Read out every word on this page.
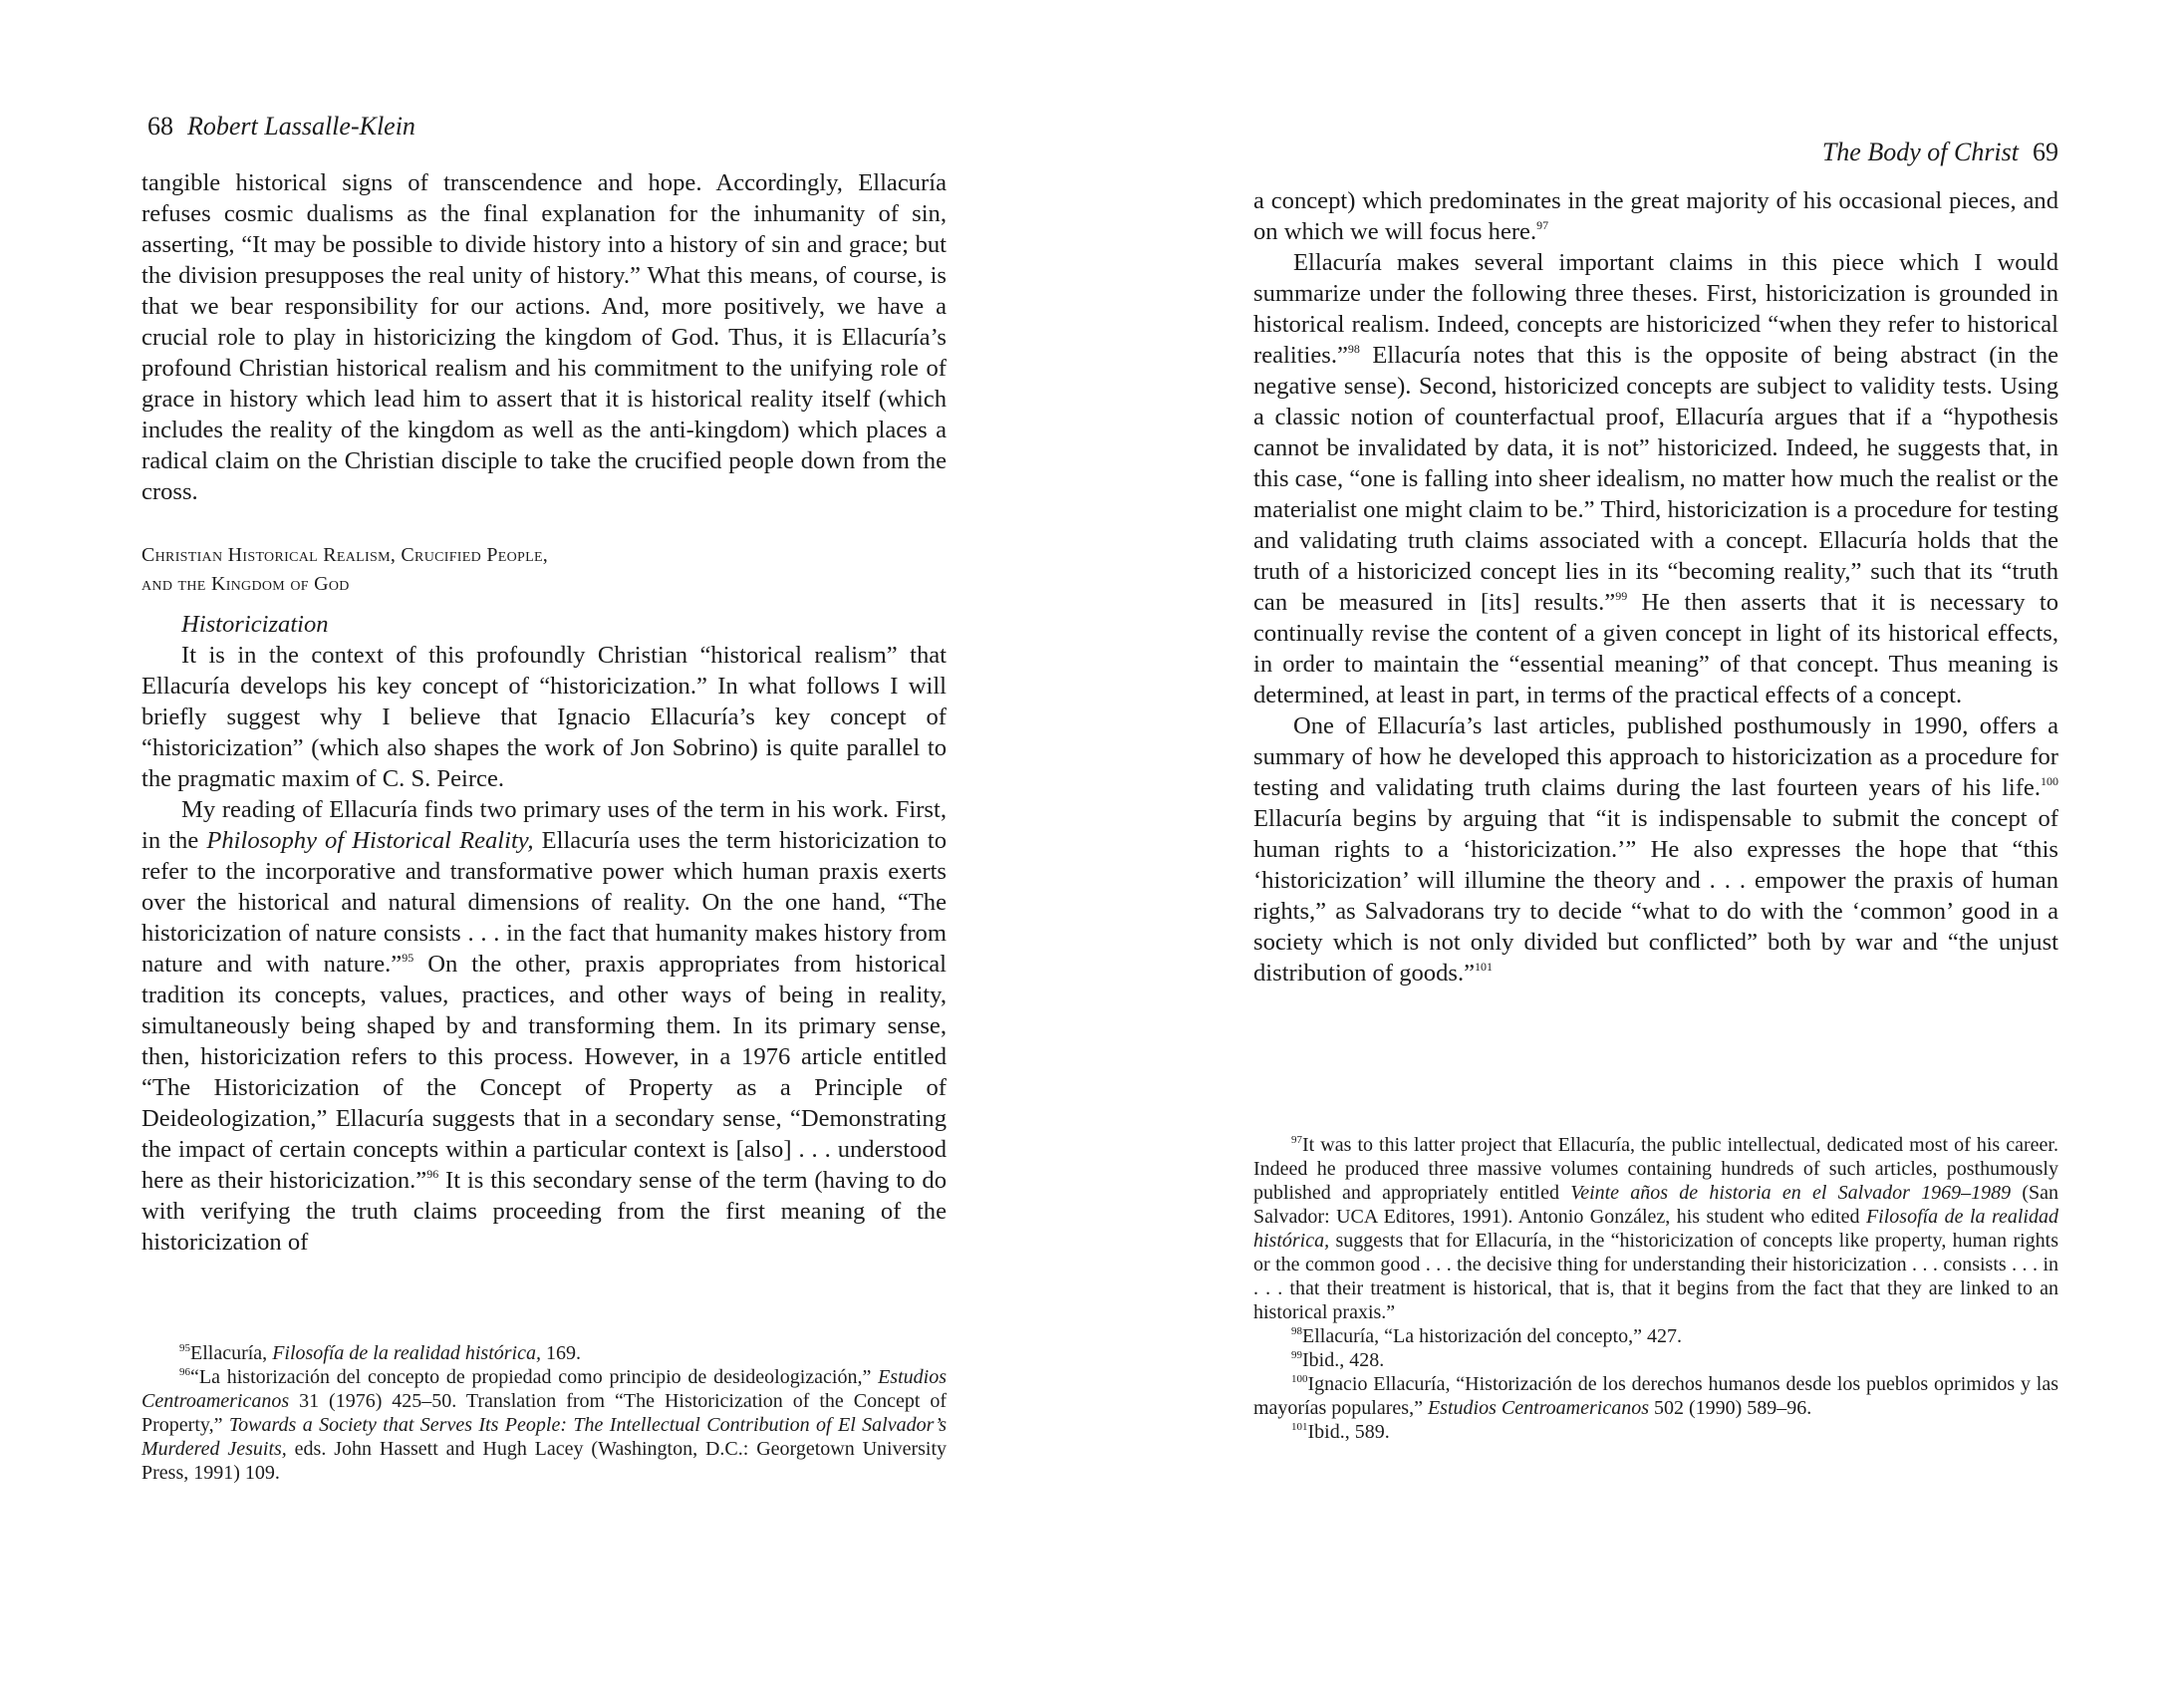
68 Robert Lassalle-Klein

tangible historical signs of transcendence and hope. Accordingly, Ellacuría refuses cosmic dualisms as the final explanation for the inhumanity of sin, asserting, “It may be possible to divide history into a history of sin and grace; but the division presupposes the real unity of history.” What this means, of course, is that we bear responsibility for our actions. And, more positively, we have a crucial role to play in historicizing the kingdom of God. Thus, it is Ellacuría’s profound Christian historical realism and his commitment to the unifying role of grace in history which lead him to assert that it is historical reality itself (which includes the reality of the kingdom as well as the anti-kingdom) which places a radical claim on the Christian disciple to take the crucified people down from the cross.

Christian Historical Realism, Crucified People,
and the Kingdom of God

Historicization

It is in the context of this profoundly Christian “historical realism” that Ellacuría develops his key concept of “historicization.” In what follows I will briefly suggest why I believe that Ignacio Ellacuría’s key concept of “historicization” (which also shapes the work of Jon Sobrino) is quite parallel to the pragmatic maxim of C. S. Peirce.

My reading of Ellacuría finds two primary uses of the term in his work. First, in the Philosophy of Historical Reality, Ellacuría uses the term historicization to refer to the incorporative and transformative power which human praxis exerts over the historical and natural dimensions of reality. On the one hand, “The historicization of nature consists . . . in the fact that humanity makes history from nature and with nature.”$^{95}$ On the other, praxis appropriates from historical tradition its concepts, values, practices, and other ways of being in reality, simultaneously being shaped by and transforming them. In its primary sense, then, historicization refers to this process. However, in a 1976 article entitled “The Historicization of the Concept of Property as a Principle of Deideologization,” Ellacuría suggests that in a secondary sense, “Demonstrating the impact of certain concepts within a particular context is [also] . . . understood here as their historicization.”$^{96}$ It is this secondary sense of the term (having to do with verifying the truth claims proceeding from the first meaning of the historicization of

$^{95}$Ellacuría, Filosofía de la realidad histórica, 169.

$^{96}$“La historización del concepto de propiedad como principio de desideologización,” Estudios Centroamericanos 31 (1976) 425–50. Translation from “The Historicization of the Concept of Property,” Towards a Society that Serves Its People: The Intellectual Contribution of El Salvador’s Murdered Jesuits, eds. John Hassett and Hugh Lacey (Washington, D.C.: Georgetown University Press, 1991) 109.

The Body of Christ 69

a concept) which predominates in the great majority of his occasional pieces, and on which we will focus here.$^{97}$

Ellacuría makes several important claims in this piece which I would summarize under the following three theses. First, historicization is grounded in historical realism. Indeed, concepts are historicized “when they refer to historical realities.”$^{98}$ Ellacuría notes that this is the opposite of being abstract (in the negative sense). Second, historicized concepts are subject to validity tests. Using a classic notion of counterfactual proof, Ellacuría argues that if a “hypothesis cannot be invalidated by data, it is not” historicized. Indeed, he suggests that, in this case, “one is falling into sheer idealism, no matter how much the realist or the materialist one might claim to be.” Third, historicization is a procedure for testing and validating truth claims associated with a concept. Ellacuría holds that the truth of a historicized concept lies in its “becoming reality,” such that its “truth can be measured in [its] results.”$^{99}$ He then asserts that it is necessary to continually revise the content of a given concept in light of its historical effects, in order to maintain the “essential meaning” of that concept. Thus meaning is determined, at least in part, in terms of the practical effects of a concept.

One of Ellacuría’s last articles, published posthumously in 1990, offers a summary of how he developed this approach to historicization as a procedure for testing and validating truth claims during the last fourteen years of his life.$^{100}$ Ellacuría begins by arguing that “it is indispensable to submit the concept of human rights to a ‘historicization.’” He also expresses the hope that “this ‘historicization’ will illumine the theory and . . . empower the praxis of human rights,” as Salvadorans try to decide “what to do with the ‘common’ good in a society which is not only divided but conflicted” both by war and “the unjust distribution of goods.”$^{101}$

$^{97}$It was to this latter project that Ellacuría, the public intellectual, dedicated most of his career. Indeed he produced three massive volumes containing hundreds of such articles, posthumously published and appropriately entitled Veinte años de historia en el Salvador 1969–1989 (San Salvador: UCA Editores, 1991). Antonio González, his student who edited Filosofía de la realidad histórica, suggests that for Ellacuría, in the “historicization of concepts like property, human rights or the common good . . . the decisive thing for understanding their historicization . . . consists . . . in . . . that their treatment is historical, that is, that it begins from the fact that they are linked to an historical praxis.”

$^{98}$Ellacuría, “La historización del concepto,” 427.

$^{99}$Ibid., 428.

$^{100}$Ignacio Ellacuría, “Historización de los derechos humanos desde los pueblos oprimidos y las mayorías populares,” Estudios Centroamericanos 502 (1990) 589–96.

$^{101}$Ibid., 589.
